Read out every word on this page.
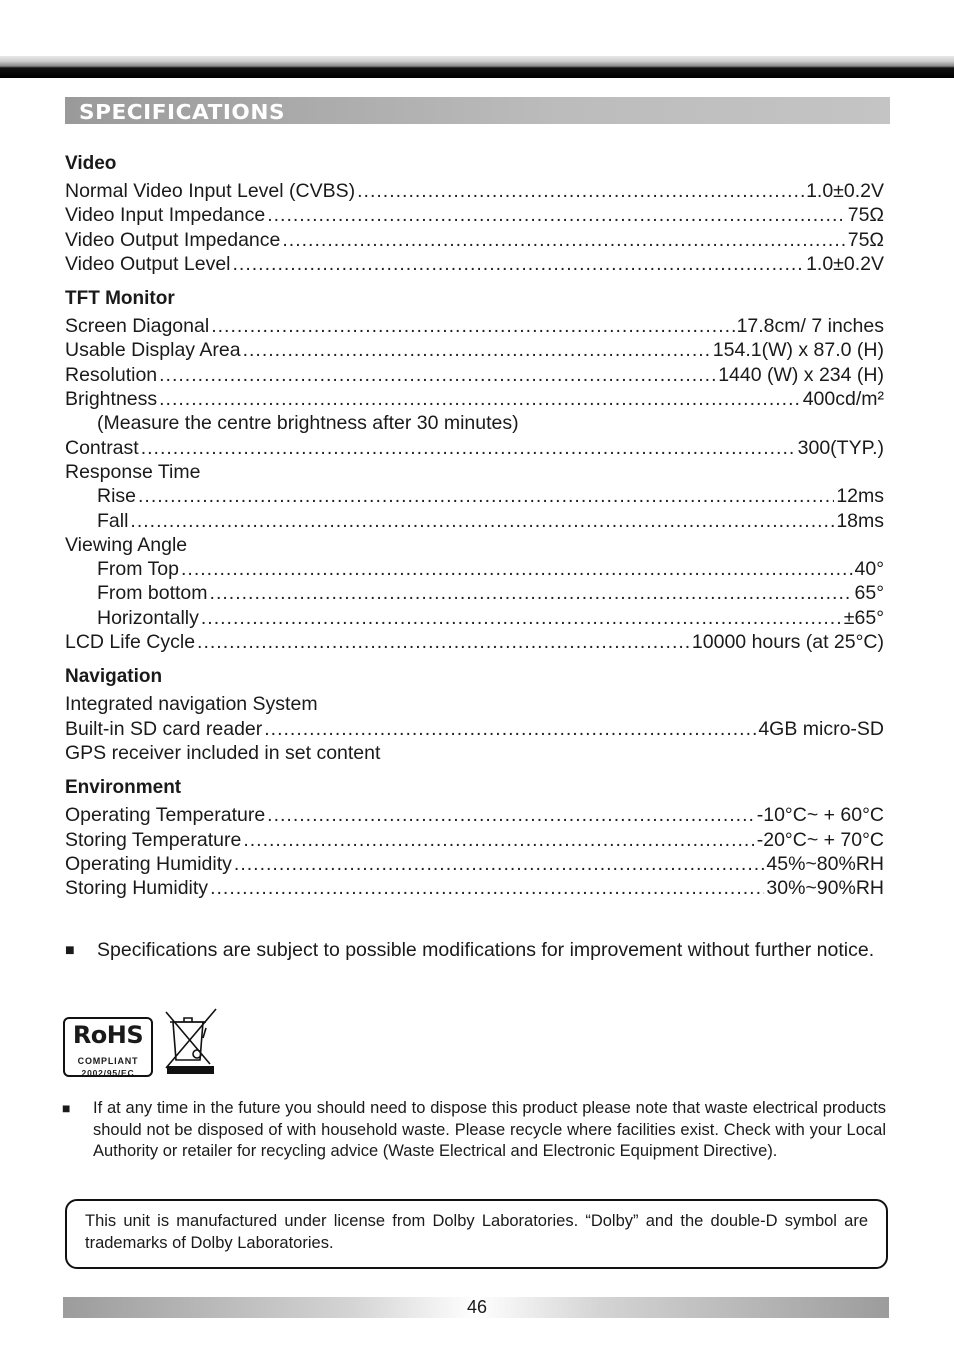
SPECIFICATIONS
Video
Normal Video Input Level (CVBS) .....	1.0±0.2V
Video Input Impedance .....	75Ω
Video Output Impedance .....	75Ω
Video Output Level .....	1.0±0.2V
TFT Monitor
Screen Diagonal .....	17.8cm/ 7 inches
Usable Display Area .....	154.1(W) x 87.0 (H)
Resolution .....	1440 (W) x 234 (H)
Brightness .....	400cd/m²
(Measure the centre brightness after 30 minutes)
Contrast .....	300(TYP.)
Response Time
Rise .....	12ms
Fall .....	18ms
Viewing Angle
From Top .....	40°
From bottom .....	65°
Horizontally .....	±65°
LCD Life Cycle .....	10000 hours (at 25°C)
Navigation
Integrated navigation System
Built-in SD card reader .....	4GB micro-SD
GPS receiver included in set content
Environment
Operating Temperature .....	-10°C~ + 60°C
Storing Temperature .....	-20°C~ + 70°C
Operating Humidity .....	45%~80%RH
Storing Humidity .....	30%~90%RH
■	Specifications are subject to possible modifications for improvement without further notice.
RoHS
COMPLIANT
2002/95/EC
■	If at any time in the future you should need to dispose this product please note that waste electrical products should not be disposed of with household waste. Please recycle where facilities exist. Check with your Local Authority or retailer for recycling advice (Waste Electrical and Electronic Equipment Directive).
This unit is manufactured under license from Dolby Laboratories. “Dolby” and the double-D symbol are trademarks of Dolby Laboratories.
46
